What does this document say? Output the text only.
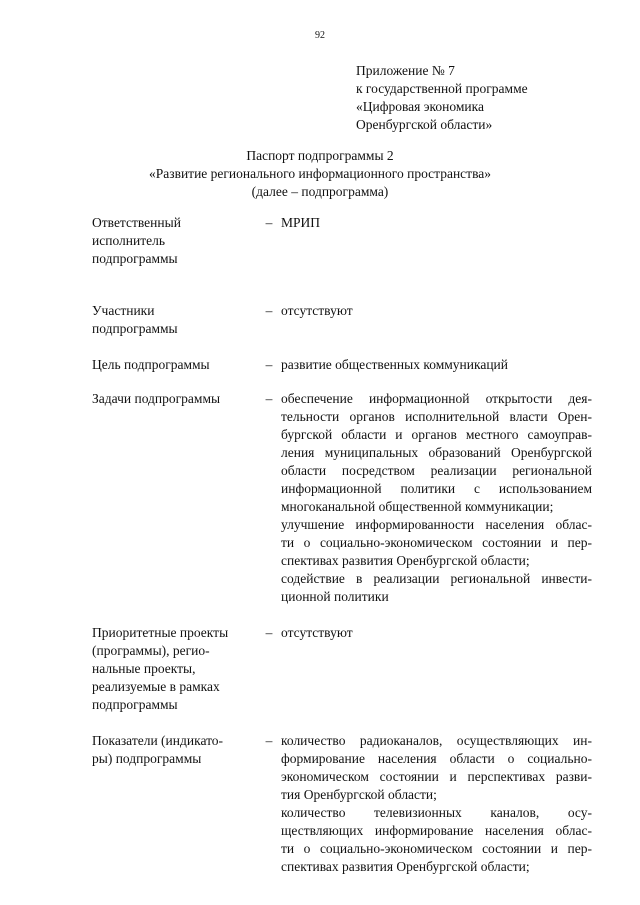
92
Приложение № 7
к государственной программе
«Цифровая экономика
Оренбургской области»
Паспорт подпрограммы 2
«Развитие регионального информационного пространства»
(далее – подпрограмма)
Ответственный
исполнитель
подпрограммы
– МРИП
Участники
подпрограммы
– отсутствуют
Цель подпрограммы	– развитие общественных коммуникаций
Задачи подпрограммы	– обеспечение информационной открытости дея-
тельности органов исполнительной власти Орен-
бургской области и органов местного самоуправ-
ления муниципальных образований Оренбургской
области посредством реализации региональной
информационной политики с использованием
многоканальной общественной коммуникации;
улучшение информированности населения облас-
ти о социально-экономическом состоянии и пер-
спективах развития Оренбургской области;
содействие в реализации региональной инвести-
ционной политики
Приоритетные проекты
(программы), регио-
нальные проекты,
реализуемые в рамках
подпрограммы
– отсутствуют
Показатели (индикато-
ры) подпрограммы
– количество радиоканалов, осуществляющих ин-
формирование населения области о социально-
экономическом состоянии и перспективах разви-
тия Оренбургской области;
количество телевизионных каналов, осу-
ществляющих информирование населения облас-
ти о социально-экономическом состоянии и пер-
спективах развития Оренбургской области;
